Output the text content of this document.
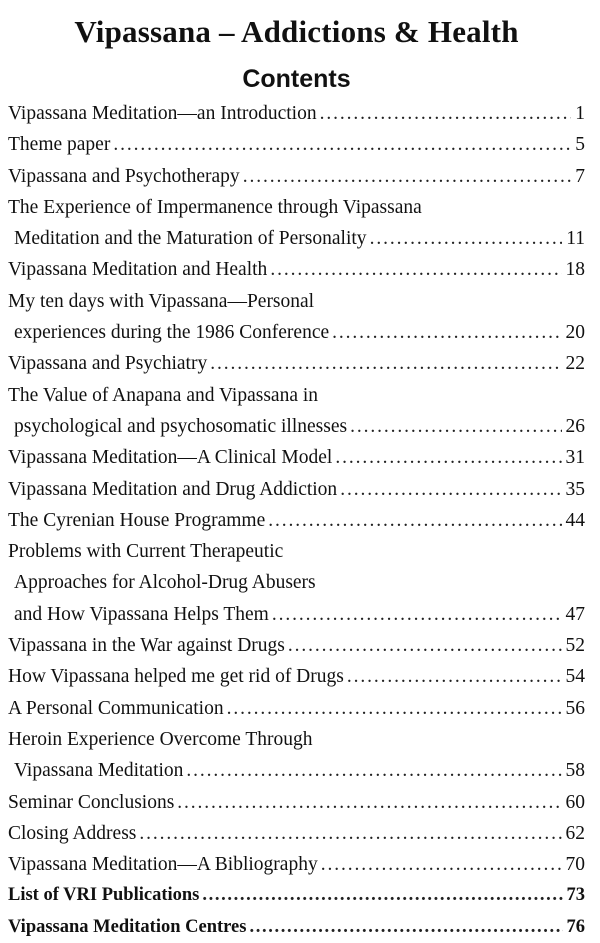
Vipassana – Addictions & Health
Contents
Vipassana Meditation—an Introduction . . .	1
Theme paper . . .	5
Vipassana and Psychotherapy . . .	7
The Experience of Impermanence through Vipassana
Meditation and the Maturation of Personality . . .	11
Vipassana Meditation and Health . . .	18
My ten days with Vipassana—Personal
experiences during the 1986 Conference . . .	20
Vipassana and Psychiatry . . .	22
The Value of Anapana and Vipassana in
psychological and psychosomatic illnesses . . .	26
Vipassana Meditation—A Clinical Model . . .	31
Vipassana Meditation and Drug Addiction . . .	35
The Cyrenian House Programme . . .	44
Problems with Current Therapeutic
Approaches for Alcohol-Drug Abusers
and How Vipassana Helps Them . . .	47
Vipassana in the War against Drugs . . .	52
How Vipassana helped me get rid of Drugs . . .	54
A Personal Communication . . .	56
Heroin Experience Overcome Through
Vipassana Meditation . . .	58
Seminar Conclusions . . .	60
Closing Address . . .	62
Vipassana Meditation—A Bibliography . . .	70
List of VRI Publications . . .	73
Vipassana Meditation Centres . . .	76
